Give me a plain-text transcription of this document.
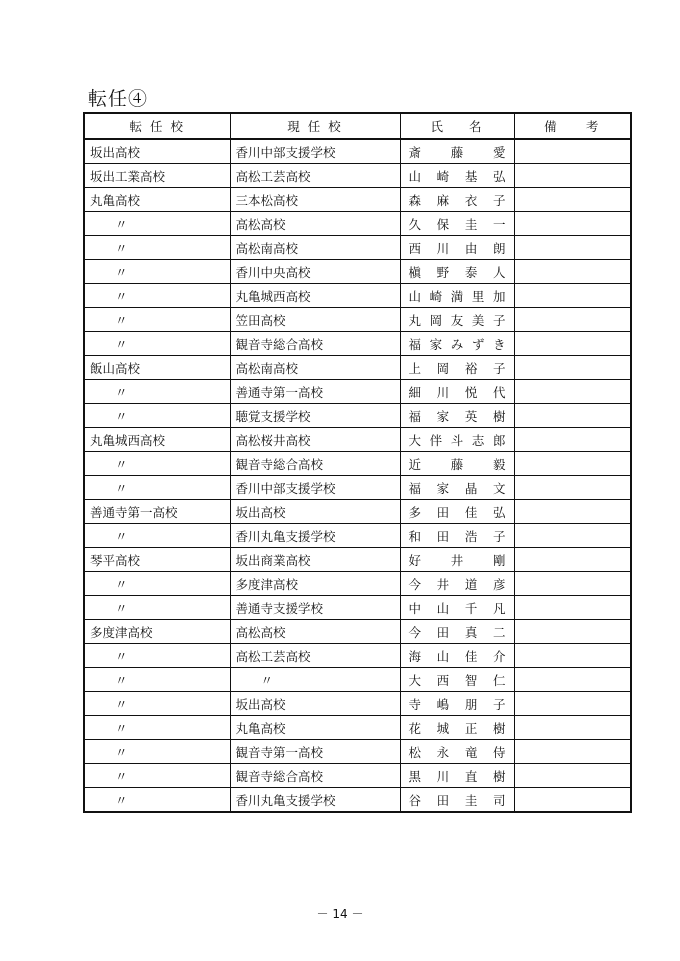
転任④
転 任 校	現 任 校	氏 名	備 考

坂出高校	香川中部支援学校	斎 藤 愛	

坂出工業高校	高松工芸高校	山 崎 基 弘	

丸亀高校	三本松高校	森 麻 衣 子	

〃	高松高校	久 保 圭 一	

〃	高松南高校	西 川 由 朗	

〃	香川中央高校	槇 野 泰 人	

〃	丸亀城西高校	山 崎 満 里 加	

〃	笠田高校	丸 岡 友 美 子	

〃	観音寺総合高校	福 家 み ず き	

飯山高校	高松南高校	上 岡 裕 子	

〃	善通寺第一高校	細 川 悦 代	

〃	聴覚支援学校	福 家 英 樹	

丸亀城西高校	高松桜井高校	大 伴 斗 志 郎	

〃	観音寺総合高校	近 藤 毅	

〃	香川中部支援学校	福 家 晶 文	

善通寺第一高校	坂出高校	多 田 佳 弘	

〃	香川丸亀支援学校	和 田 浩 子	

琴平高校	坂出商業高校	好 井 剛	

〃	多度津高校	今 井 道 彦	

〃	善通寺支援学校	中 山 千 凡	

多度津高校	高松高校	今 田 真 二	

〃	高松工芸高校	海 山 佳 介	

〃	〃	大 西 智 仁	

〃	坂出高校	寺 嶋 朋 子	

〃	丸亀高校	花 城 正 樹	

〃	観音寺第一高校	松 永 竜 侍	

〃	観音寺総合高校	黒 川 直 樹	

〃	香川丸亀支援学校	谷 田 圭 司	

－ 14 －
